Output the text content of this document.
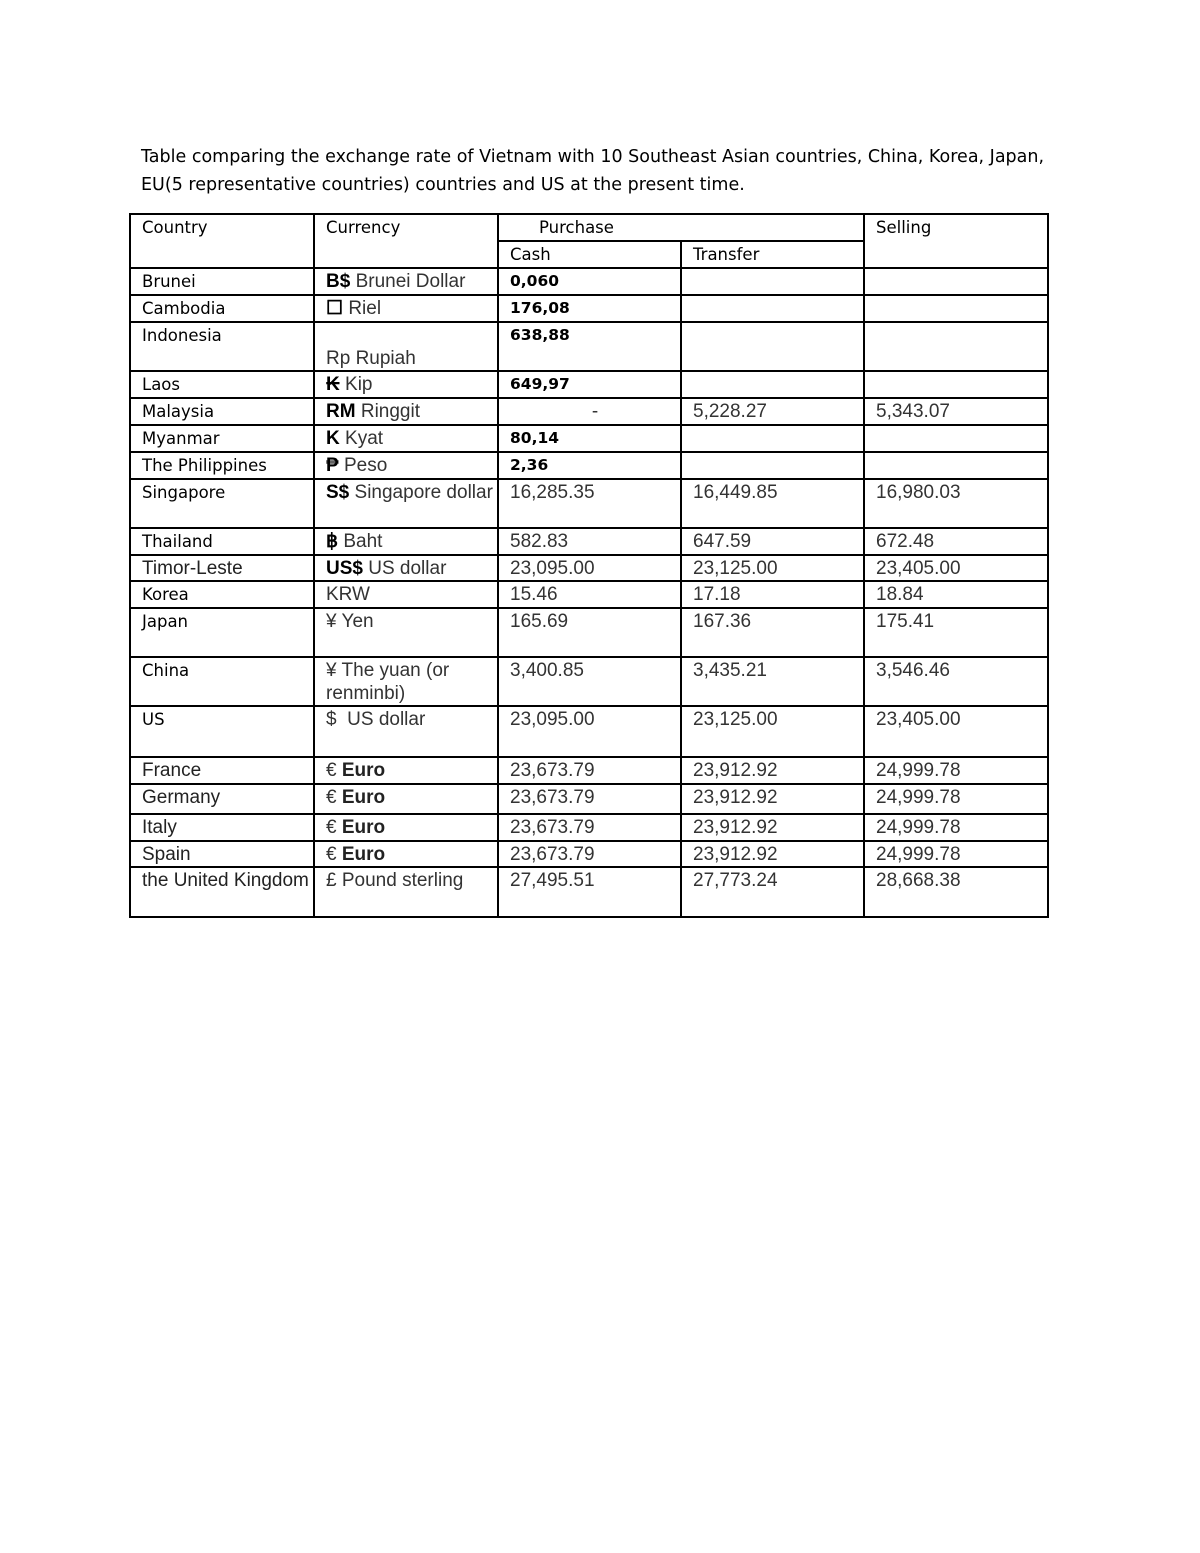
Table comparing the exchange rate of Vietnam with 10 Southeast Asian countries, China, Korea, Japan,
EU(5 representative countries) countries and US at the present time.
Country	Currency	Purchase		Selling
		Cash	Transfer	
Brunei	B$ Brunei Dollar	0,060		
Cambodia	☐ Riel	176,08		
Indonesia	Rp Rupiah	638,88		
Laos	₭ Kip	649,97		
Malaysia	RM Ringgit	-	5,228.27	5,343.07
Myanmar	K Kyat	80,14		
The Philippines	₱ Peso	2,36		
Singapore	S$ Singapore dollar	16,285.35	16,449.85	16,980.03
Thailand	฿ Baht	582.83	647.59	672.48
Timor-Leste	US$ US dollar	23,095.00	23,125.00	23,405.00
Korea	KRW	15.46	17.18	18.84
Japan	¥ Yen	165.69	167.36	175.41
China	¥ The yuan (or renminbi)	3,400.85	3,435.21	3,546.46
US	$ US dollar	23,095.00	23,125.00	23,405.00
France	€ Euro	23,673.79	23,912.92	24,999.78
Germany	€ Euro	23,673.79	23,912.92	24,999.78
Italy	€ Euro	23,673.79	23,912.92	24,999.78
Spain	€ Euro	23,673.79	23,912.92	24,999.78
the United Kingdom	£ Pound sterling	27,495.51	27,773.24	28,668.38
